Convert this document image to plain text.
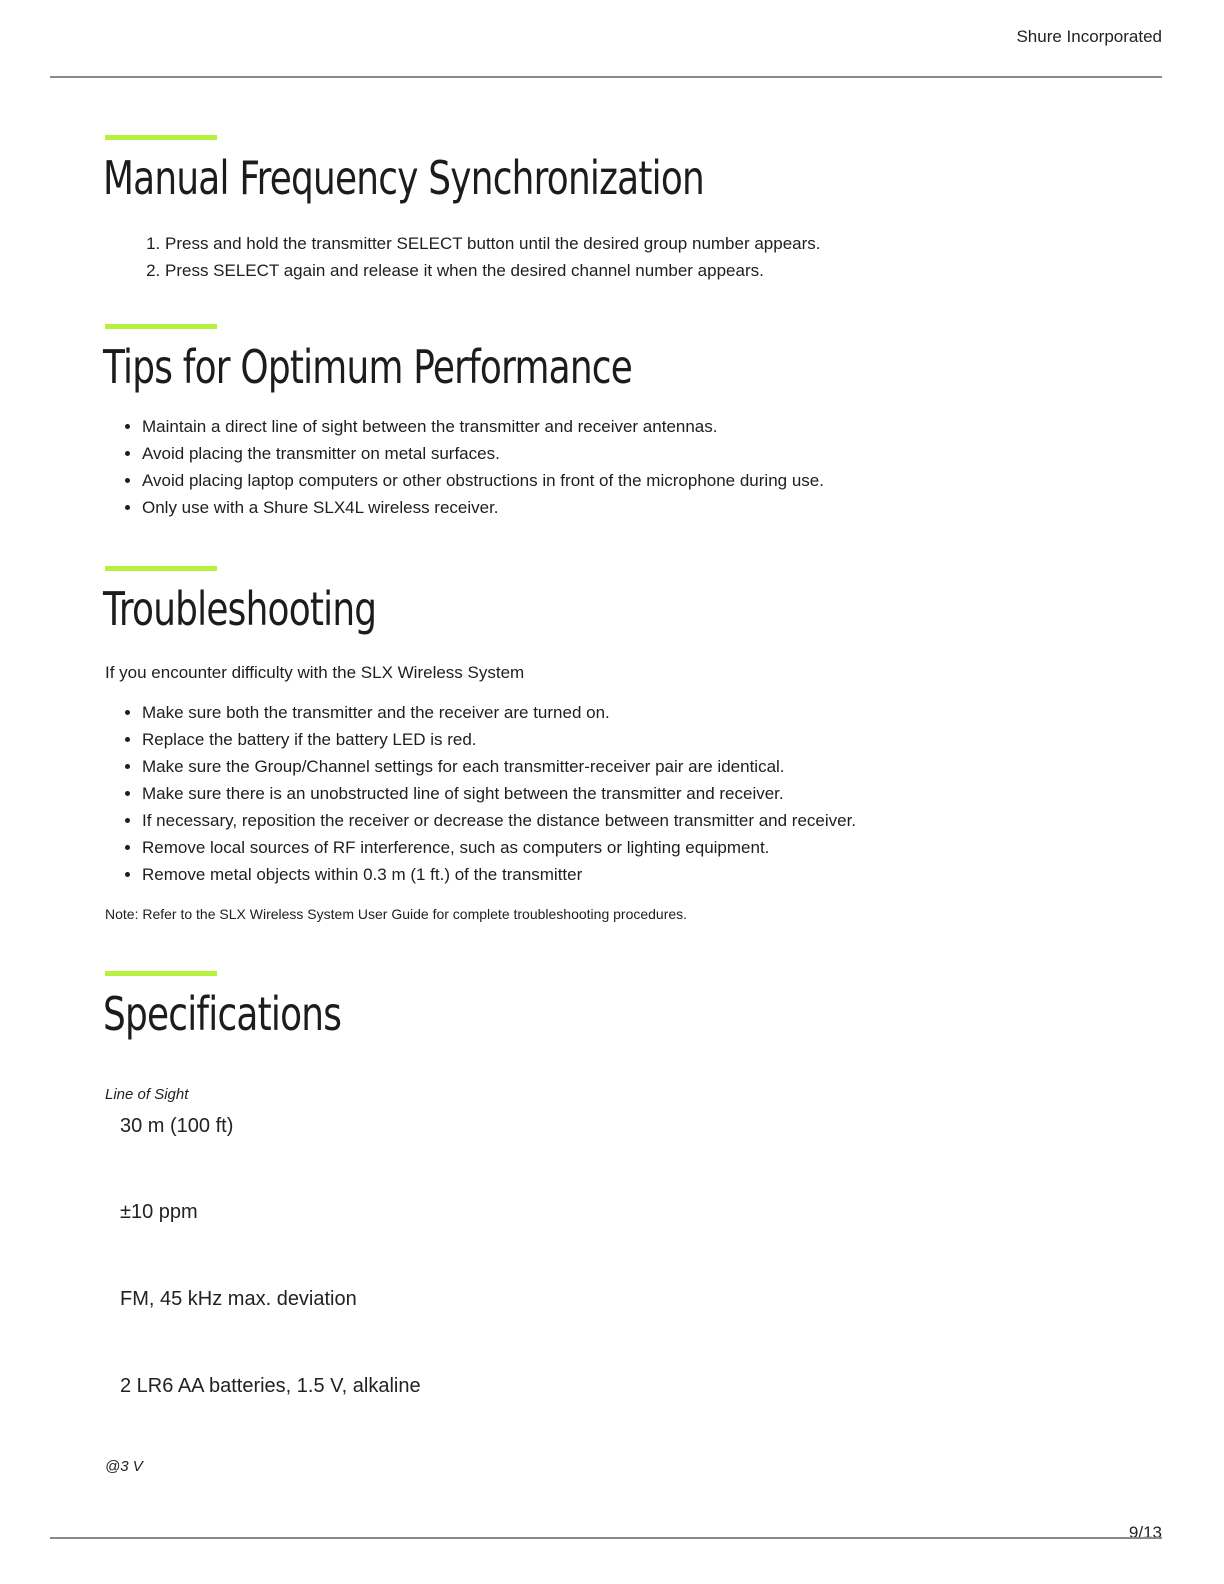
Shure Incorporated
Manual Frequency Synchronization
1. Press and hold the transmitter SELECT button until the desired group number appears.
2. Press SELECT again and release it when the desired channel number appears.
Tips for Optimum Performance
• Maintain a direct line of sight between the transmitter and receiver antennas.
• Avoid placing the transmitter on metal surfaces.
• Avoid placing laptop computers or other obstructions in front of the microphone during use.
• Only use with a Shure SLX4L wireless receiver.
Troubleshooting

If you encounter difficulty with the SLX Wireless System

• Make sure both the transmitter and the receiver are turned on.
• Replace the battery if the battery LED is red.
• Make sure the Group/Channel settings for each transmitter-receiver pair are identical.
• Make sure there is an unobstructed line of sight between the transmitter and receiver.
• If necessary, reposition the receiver or decrease the distance between transmitter and receiver.
• Remove local sources of RF interference, such as computers or lighting equipment.
• Remove metal objects within 0.3 m (1 ft.) of the transmitter

Note: Refer to the SLX Wireless System User Guide for complete troubleshooting procedures.

Specifications
Line of Sight
30 m (100 ft)
±10 ppm
FM, 45 kHz max. deviation
2 LR6 AA batteries, 1.5 V, alkaline
@3 V
9/13
